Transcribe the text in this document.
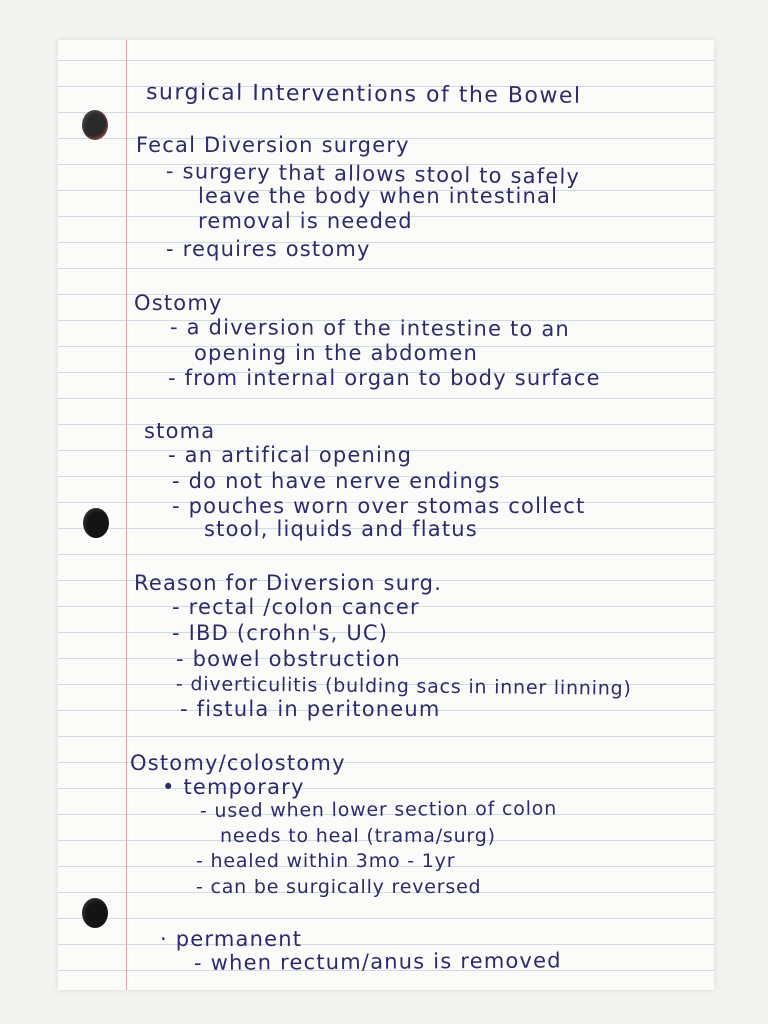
surgical Interventions of the Bowel
Fecal Diversion surgery
- surgery that allows stool to safely
leave the body when intestinal
removal is needed
- requires ostomy
Ostomy
- a diversion of the intestine to an
opening in the abdomen
- from internal organ to body surface
stoma
- an artifical opening
- do not have nerve endings
- pouches worn over stomas collect
stool, liquids and flatus
Reason for Diversion surg.
- rectal /colon cancer
- IBD (crohn's, UC)
- bowel obstruction
- diverticulitis (bulding sacs in inner linning)
- fistula in peritoneum
Ostomy/colostomy
• temporary
- used when lower section of colon
needs to heal (trama/surg)
- healed within 3mo - 1yr
- can be surgically reversed
· permanent
- when rectum/anus is removed
